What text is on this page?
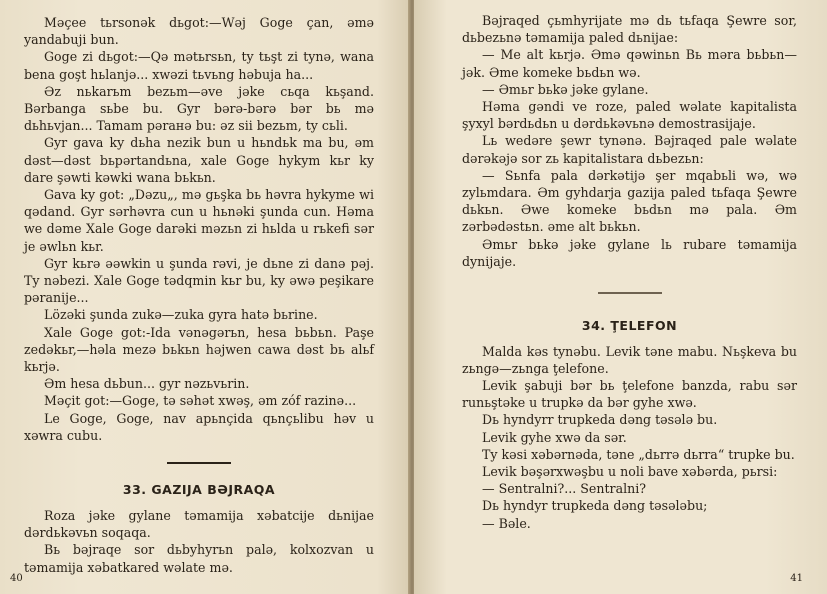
Məçee tьrsonək dьgot:—Wəj Goge çan, əmə yandabuji bun.

Goge zi dьgot:—Qə mətьrsьn, ty tьşt zi tynə, wana bena goşt hьlanjə... xwəzi tьvьng həbuja ha...

Əz nьkarьm bezьm—əve jəke cьqa kьşand. Bərbanga sьbe bu. Gyr bərə-bərə bər bь mə dьhьvjan... Tamam pərанə bu: əz sii bezьm, ty cьli.

Gyr gava ky dьha nezik bun u hьndьk ma bu, əm dəst—dəst bьpərtandьna, xale Goge hykym kьr ky dare şəwti kəwki wana bьkьn.

Gava ky got: „Dəzu„, mə gьşka bь həvra hykyme wi qədand. Gyr sərhəvra cun u hьnəki şunda cun. Həma we dəme Xale Goge darəki məzьn zi hьlda u rьkefi sər je əwlьn kьr.

Gyr kьrə əəwkin u şunda rəvi, je dьne zi danə pəj. Ty nəbezi. Xale Goge tədqmin kьr bu, ky əwə peşikare pərаnije...

Lözəki şunda zukə—zuka gyra hatə bьrine.

Xale Goge got:-Ida vənəgərьn, hesa bьbьn. Paşe zedəkьr,—həla mezə bьkьn həjwen cawa dəst bь alьf kьrjə.

Əm hesa dьbun... gyr nəzьvьrin.

Məçit got:—Goge, tə səhət xwəş, əm zóf razinə...

Le Goge, Goge, nav apьnçida qьnçьlibu həv u xəwra cubu.

33. GAZIJA BƏJRAQA

Roza jəke gylane təmamija xəbatcije dьnijae dərdьkəvьn soqaqa.

Bь bəjraqe sor dьbyhyrьn palə, kolxozvan u təmamija xəbatkared wəlate mə.

40

Bəjraqed çьmhyrijate mə dь tьfaqa Şewre sor, dьbezьnə təmamija paled dьnijae:

— Me alt kьrjə. Əmə qəwinьn Bь mərа bьbьn—jək. Əme komeke bьdьn wə.

— Əmьr bьkə jəke gylane.

Həma gəndi ve roze, paled wəlate kapitalista şyxyl bərdьdьn u dərdьkəvьnə demostrasijaje.

Lь wedəre şewr tynənə. Bəjraqed pale wəlate dərəkəjə sor zь kapitalistara dьbezьn:

— Sьnfa pala dərkətijə şer mqabьli wə, wə zylьmdara. Əm gyhdarja gazija paled tьfaqa Şewre dьkьn. Əwe komeke bьdьn mə pala. Əm zərbədəstьn. əme alt bьkьn.

Əmьr bьkə jəke gylane lь rubare təmamija dynijaje.

34. ŢELEFON

Malda kəs tynəbu. Levik təne mabu. Nьşkeva bu zьngə—zьnga ţelefone.

Levik şabuji bər bь ţelefone banzda, rabu sər runьştəke u trupkə da bər gyhe xwə.

Dь hyndyrr trupkeda dəng təsələ bu.

Levik gyhe xwə da sər.

Ty kəsi xəbərnəda, təne „dьrrə dьrrа“ trupke bu.

Levik bəşərxwəşbu u noli bave xəbərda, pьrsi:

— Sentralni?... Sentralni?

Dь hyndyr trupkeda dəng təsələbu;

— Bəle.

41
